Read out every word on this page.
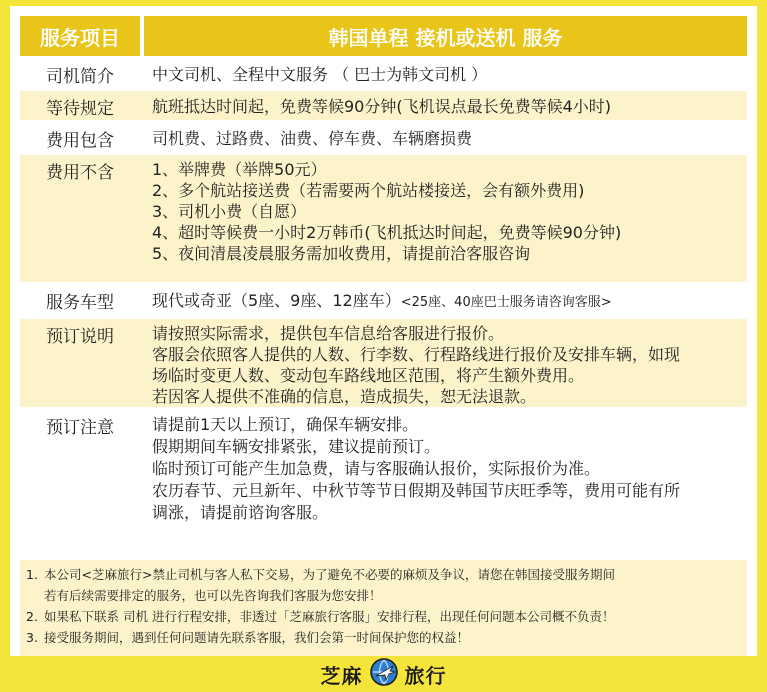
服务项目	韩国单程 接机或送机 服务
司机简介	中文司机、全程中文服务 （ 巴士为韩文司机 ）

等待规定	航班抵达时间起，免费等候90分钟(飞机误点最长免费等候4小时)

费用包含	司机费、过路费、油费、停车费、车辆磨损费

费用不含	1、举牌费（举牌50元）
2、多个航站接送费（若需要两个航站楼接送，会有额外费用)
3、司机小费（自愿）
4、超时等候费一小时2万韩币(飞机抵达时间起，免费等候90分钟)
5、夜间清晨凌晨服务需加收费用，请提前洽客服咨询

服务车型	现代或奇亚（5座、9座、12座车）<25座、40座巴士服务请咨询客服>

预订说明	请按照实际需求，提供包车信息给客服进行报价。
客服会依照客人提供的人数、行李数、行程路线进行报价及安排车辆，如现
场临时变更人数、变动包车路线地区范围，将产生额外费用。
若因客人提供不准确的信息，造成损失，恕无法退款。

预订注意	请提前1天以上预订，确保车辆安排。
假期期间车辆安排紧张，建议提前预订。
临时预订可能产生加急费，请与客服确认报价，实际报价为准。
农历春节、元旦新年、中秋节等节日假期及韩国节庆旺季等，费用可能有所
调涨，请提前谘询客服。
1. 本公司<芝麻旅行>禁止司机与客人私下交易，为了避免不必要的麻烦及争议，请您在韩国接受服务期间
若有后续需要排定的服务，也可以先咨询我们客服为您安排！
2. 如果私下联系 司机 进行行程安排，非透过「芝麻旅行客服」安排行程，出现任何问题本公司概不负责！
3. 接受服务期间，遇到任何问题请先联系客服，我们会第一时间保护您的权益！
芝麻 旅行
